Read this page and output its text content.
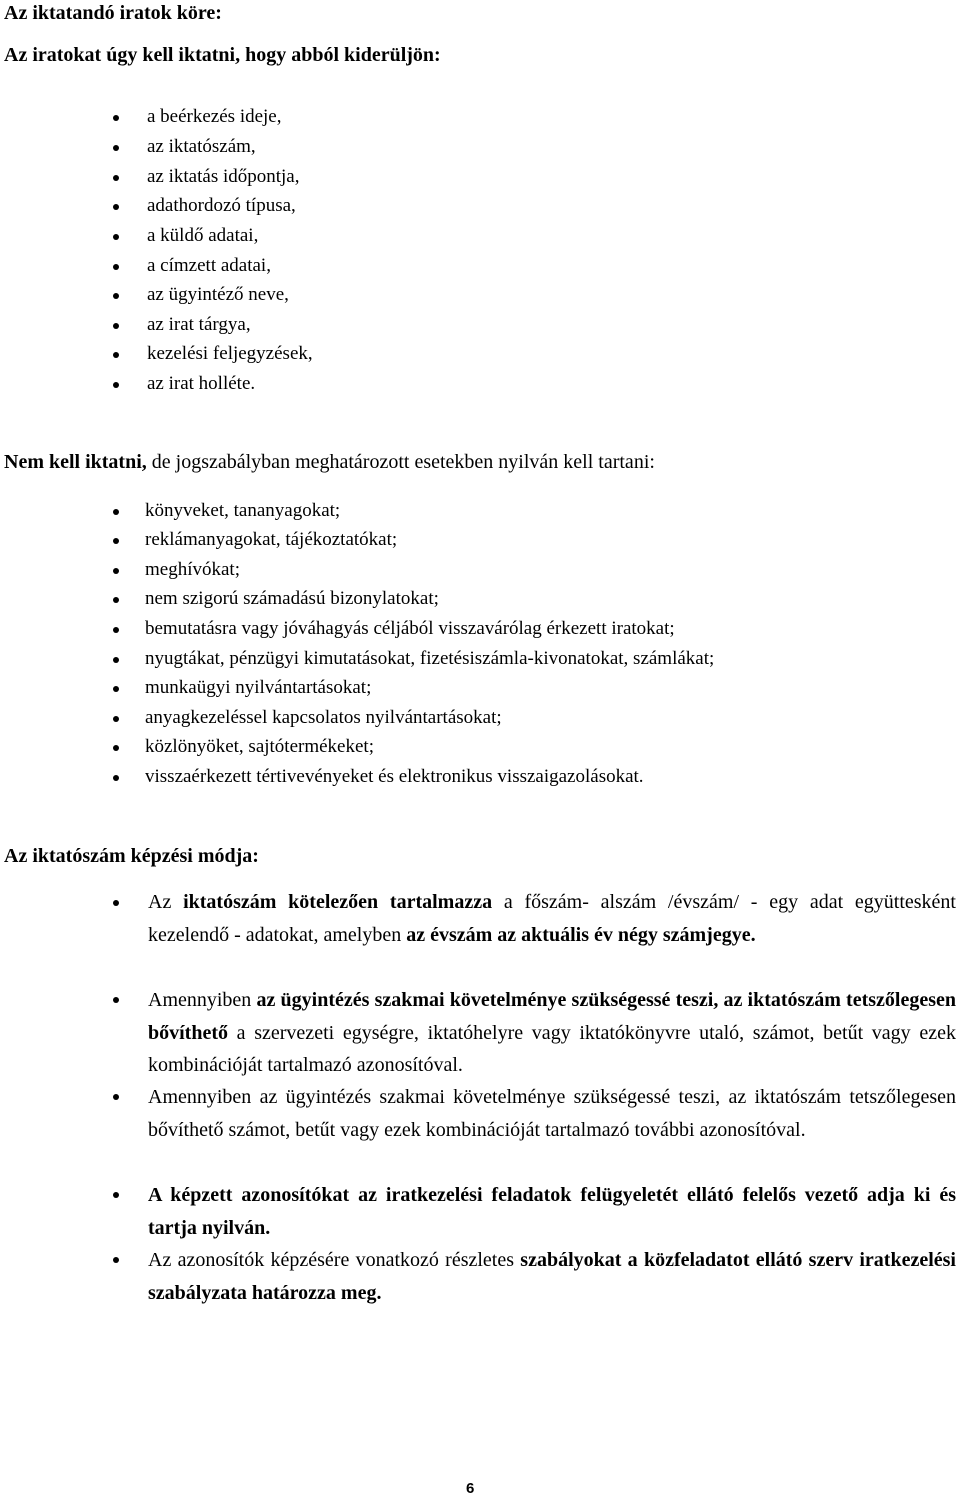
Az iktatandó iratok köre:
Az iratokat úgy kell iktatni, hogy abból kiderüljön:
a beérkezés ideje,
az iktatószám,
az iktatás időpontja,
adathordozó típusa,
a küldő adatai,
a címzett adatai,
az ügyintéző neve,
az irat tárgya,
kezelési feljegyzések,
az irat holléte.
Nem kell iktatni, de jogszabályban meghatározott esetekben nyilván kell tartani:
könyveket, tananyagokat;
reklámanyagokat, tájékoztatókat;
meghívókat;
nem szigorú számadású bizonylatokat;
bemutatásra vagy jóváhagyás céljából visszavárólag érkezett iratokat;
nyugtákat, pénzügyi kimutatásokat, fizetésiszámla-kivonatokat, számlákat;
munkaügyi nyilvántartásokat;
anyagkezeléssel kapcsolatos nyilvántartásokat;
közlönyöket, sajtótermékeket;
visszaérkezett tértivevényeket és elektronikus visszaigazolásokat.
Az iktatószám képzési módja:
Az iktatószám kötelezően tartalmazza a főszám- alszám /évszám/ - egy adat együttesként kezelendő - adatokat, amelyben az évszám az aktuális év négy számjegye.
Amennyiben az ügyintézés szakmai követelménye szükségessé teszi, az iktatószám tetszőlegesen bővíthető a szervezeti egységre, iktatóhelyre vagy iktatókönyvre utaló, számot, betűt vagy ezek kombinációját tartalmazó azonosítóval.
Amennyiben az ügyintézés szakmai követelménye szükségessé teszi, az iktatószám tetszőlegesen bővíthető számot, betűt vagy ezek kombinációját tartalmazó további azonosítóval.
A képzett azonosítókat az iratkezelési feladatok felügyeletét ellátó felelős vezető adja ki és tartja nyilván.
Az azonosítók képzésére vonatkozó részletes szabályokat a közfeladatot ellátó szerv iratkezelési szabályzata határozza meg.
6
